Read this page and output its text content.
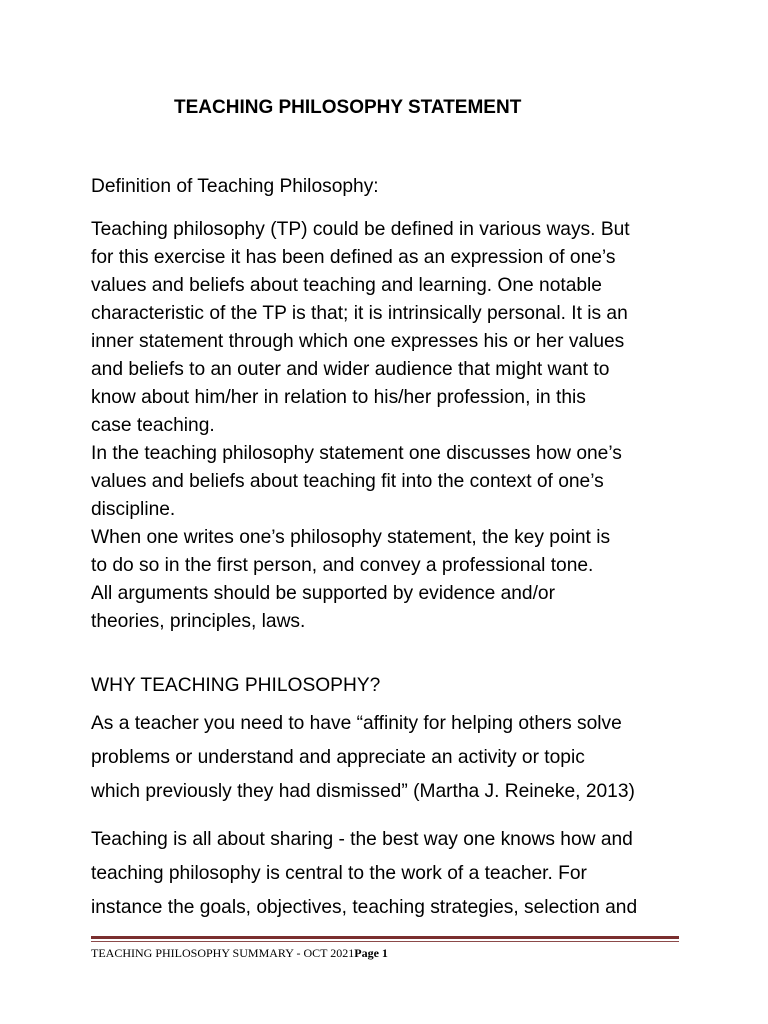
TEACHING PHILOSOPHY STATEMENT
Definition of Teaching Philosophy:
Teaching philosophy (TP) could be defined in various ways. But
for this exercise it has been defined as an expression of one’s
values and beliefs about teaching and learning. One notable
characteristic of the TP is that; it is intrinsically personal. It is an
inner statement through which one expresses his or her values
and beliefs to an outer and wider audience that might want to
know about him/her in relation to his/her profession, in this
case teaching.
In the teaching philosophy statement one discusses how one’s
values and beliefs about teaching fit into the context of one’s
discipline.
When one writes one’s philosophy statement, the key point is
to do so in the first person, and convey a professional tone.
All arguments should be supported by evidence and/or
theories, principles, laws.
WHY TEACHING PHILOSOPHY?
As a teacher you need to have “affinity for helping others solve
problems or understand and appreciate an activity or topic
which previously they had dismissed” (Martha J. Reineke, 2013)
Teaching is all about sharing - the best way one knows how and
teaching philosophy is central to the work of a teacher. For
instance the goals, objectives, teaching strategies, selection and
TEACHING PHILOSOPHY SUMMARY - OCT 2021Page 1
